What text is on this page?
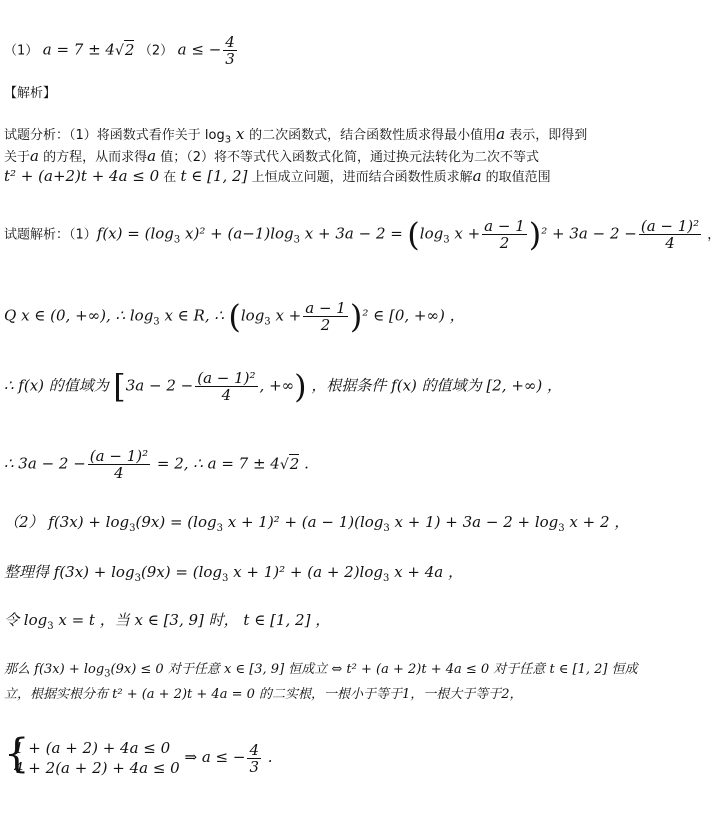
（1） a = 7 ± 4√2 （2） a ≤ − $\frac{4}{3}$
【解析】
试题分析：（1）将函数式看作关于 $\log_3 x$ 的二次函数式，结合函数性质求得最小值用a 表示，即得到
关于a 的方程，从而求得a 值；（2）将不等式代入函数式化简，通过换元法转化为二次不等式
t² + (a+2)t + 4a ≤ 0 在 t ∈ [1, 2] 上恒成立问题，进而结合函数性质求解a 的取值范围
试题解析：$(1)f(x) = (\log_3$ $x)^2 + (a-1)\log_3$ $x + 3a - 2 = (\log_3$ $x + \frac{a - 1}{2} )^2 + 3a - 2 - \frac{\text{(a − 1)²}}{4}$ ，
Q x ∈ (0, +∞), ∴ $\log_3 x$ ∈ R, ∴ ($\log_3$ $x + \frac{a - 1}{2} )^2$ ∈ [0, +∞) ，
∴ f(x) 的值域为 [$3a - 2 - \frac{\text{(a − 1)²}}{4}$ , +∞) ，根据条件 f(x) 的值域为 [2, +∞) ，
∴ $3a - 2 - \frac{\text{(a − 1)²}}{4} = 2$, ∴ a = 7 ± 4√2 .
（2） $f(3x) + \log_3(9x) = (\log_3$ $x + 1)^2 + (a - 1)(\log_3$ $x + 1) + 3a - 2 + \log_3 x + 2$ ，
整理得 $f(3x) + \log_3(9x) = (\log_3$ $x + 1)^2 + (a + 2)\log_3$ x + 4a ，
令 $\log_3 x = t$ ，当 x ∈ [3, 9] 时， t ∈ [1, 2] ，
那么 $f(3x) + \log_3(9x) \le 0$ 对于任意 x ∈ [3, 9] 恒成立 ⇔ t² + (a + 2)t + 4a ≤ 0 对于任意 t ∈ [1, 2] 恒成
立，根据实根分布 t² + (a + 2)t + 4a = 0 的二实根，一根小于等于1，一根大于等于2，
{
1 + (a + 2) + 4a ≤ 0
4 + 2(a + 2) + 4a ≤ 0
⇒ a ≤ − $\frac{4}{3}$ .
